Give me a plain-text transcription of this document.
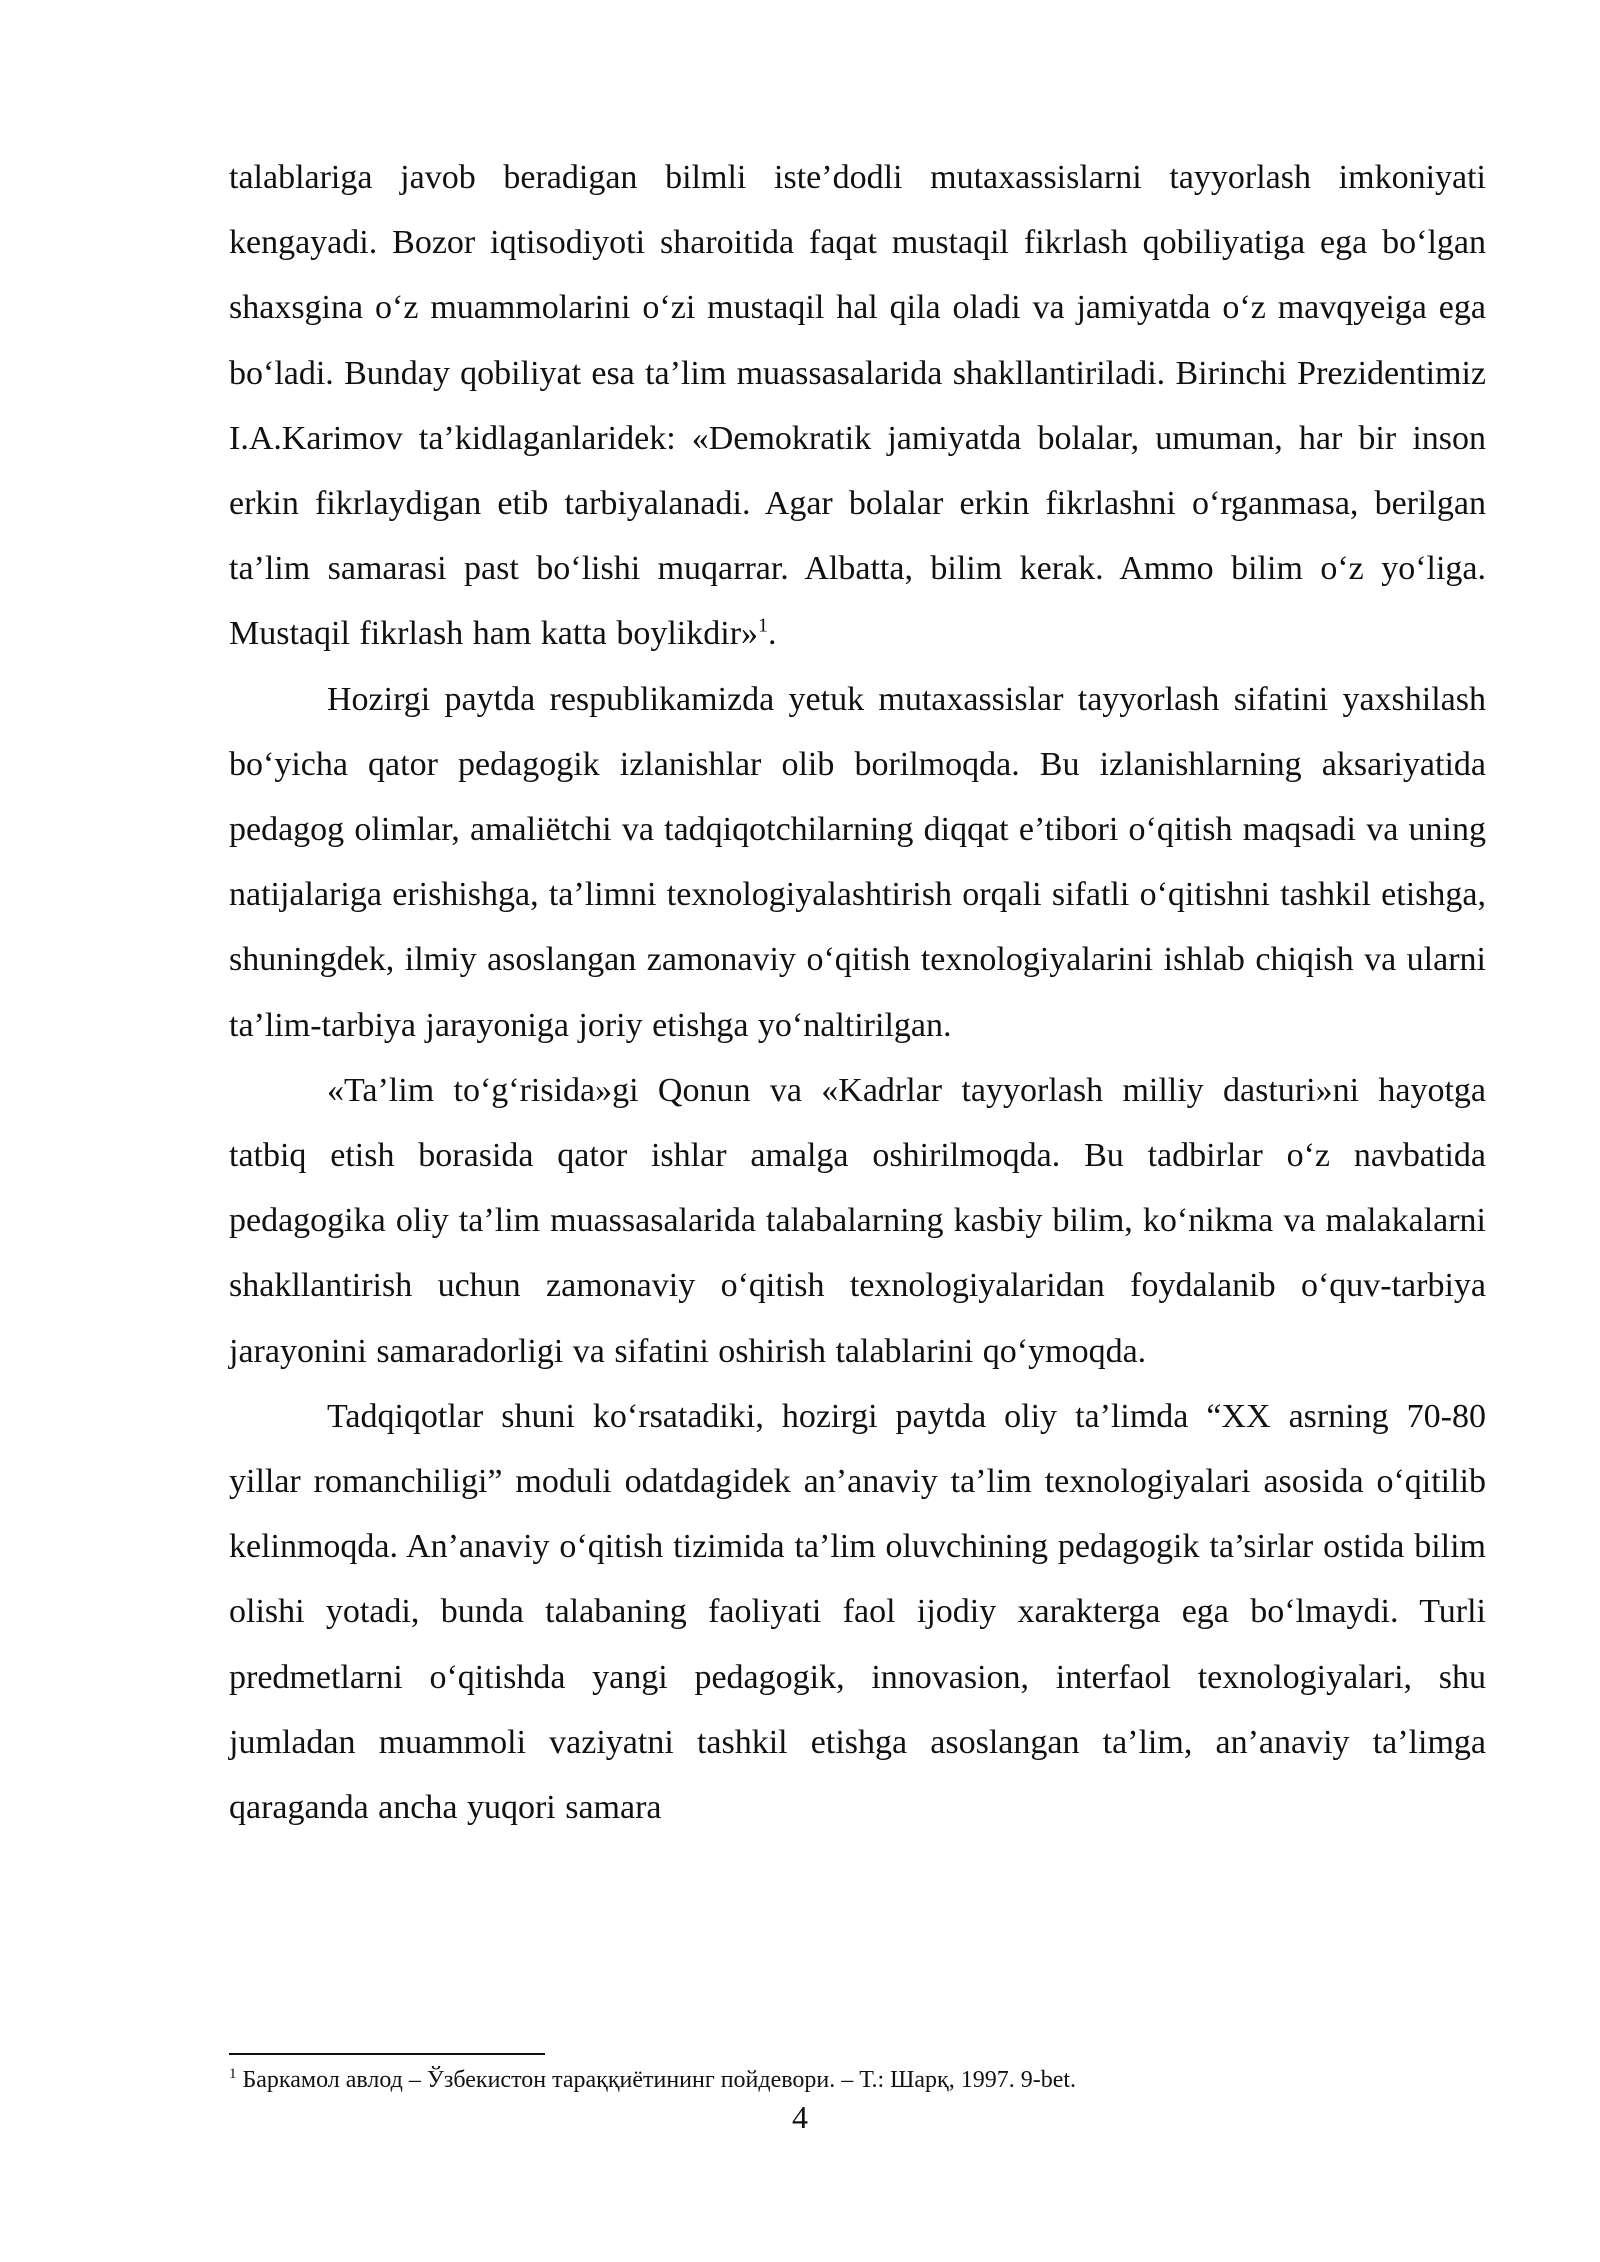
talablariga javob beradigan bilmli iste’dodli mutaxassislarni tayyorlash imkoniyati kengayadi. Bozor iqtisodiyoti sharoitida faqat mustaqil fikrlash qobiliyatiga ega bo‘lgan shaxsgina o‘z muammolarini o‘zi mustaqil hal qila oladi va jamiyatda o‘z mavqyeiga ega bo‘ladi. Bunday qobiliyat esa ta’lim muassasalarida shakllantiriladi. Birinchi Prezidentimiz I.A.Karimov ta’kidlaganlaridek: «Demokratik jamiyatda bolalar, umuman, har bir inson erkin fikrlaydigan etib tarbiyalanadi. Agar bolalar erkin fikrlashni o‘rganmasa, berilgan ta’lim samarasi past bo‘lishi muqarrar. Albatta, bilim kerak. Ammo bilim o‘z yo‘liga. Mustaqil fikrlash ham katta boylikdir»$^1$.

Hozirgi paytda respublikamizda yetuk mutaxassislar tayyorlash sifatini yaxshilash bo‘yicha qator pedagogik izlanishlar olib borilmoqda. Bu izlanishlarning aksariyatida pedagog olimlar, amaliëtchi va tadqiqotchilarning diqqat e’tibori o‘qitish maqsadi va uning natijalariga erishishga, ta’limni texnologiyalashtirish orqali sifatli o‘qitishni tashkil etishga, shuningdek, ilmiy asoslangan zamonaviy o‘qitish texnologiyalarini ishlab chiqish va ularni ta’lim-tarbiya jarayoniga joriy etishga yo‘naltirilgan.

«Ta’lim to‘g‘risida»gi Qonun va «Kadrlar tayyorlash milliy dasturi»ni hayotga tatbiq etish borasida qator ishlar amalga oshirilmoqda. Bu tadbirlar o‘z navbatida pedagogika oliy ta’lim muassasalarida talabalarning kasbiy bilim, ko‘nikma va malakalarni shakllantirish uchun zamonaviy o‘qitish texnologiyalaridan foydalanib o‘quv-tarbiya jarayonini samaradorligi va sifatini oshirish talablarini qo‘ymoqda.

Tadqiqotlar shuni ko‘rsatadiki, hozirgi paytda oliy ta’limda “XX asrning 70-80 yillar romanchiligi” moduli odatdagidek an’anaviy ta’lim texnologiyalari asosida o‘qitilib kelinmoqda. An’anaviy o‘qitish tizimida ta’lim oluvchining pedagogik ta’sirlar ostida bilim olishi yotadi, bunda talabaning faoliyati faol ijodiy xarakterga ega bo‘lmaydi. Turli predmetlarni o‘qitishda yangi pedagogik, innovasion, interfaol texnologiyalari, shu jumladan muammoli vaziyatni tashkil etishga asoslangan ta’lim, an’anaviy ta’limga qaraganda ancha yuqori samara

$^1$ Баркамол авлод – Ўзбекистон тараққиётининг пойдевори. – Т.: Шарқ, 1997. 9-bet.
4
